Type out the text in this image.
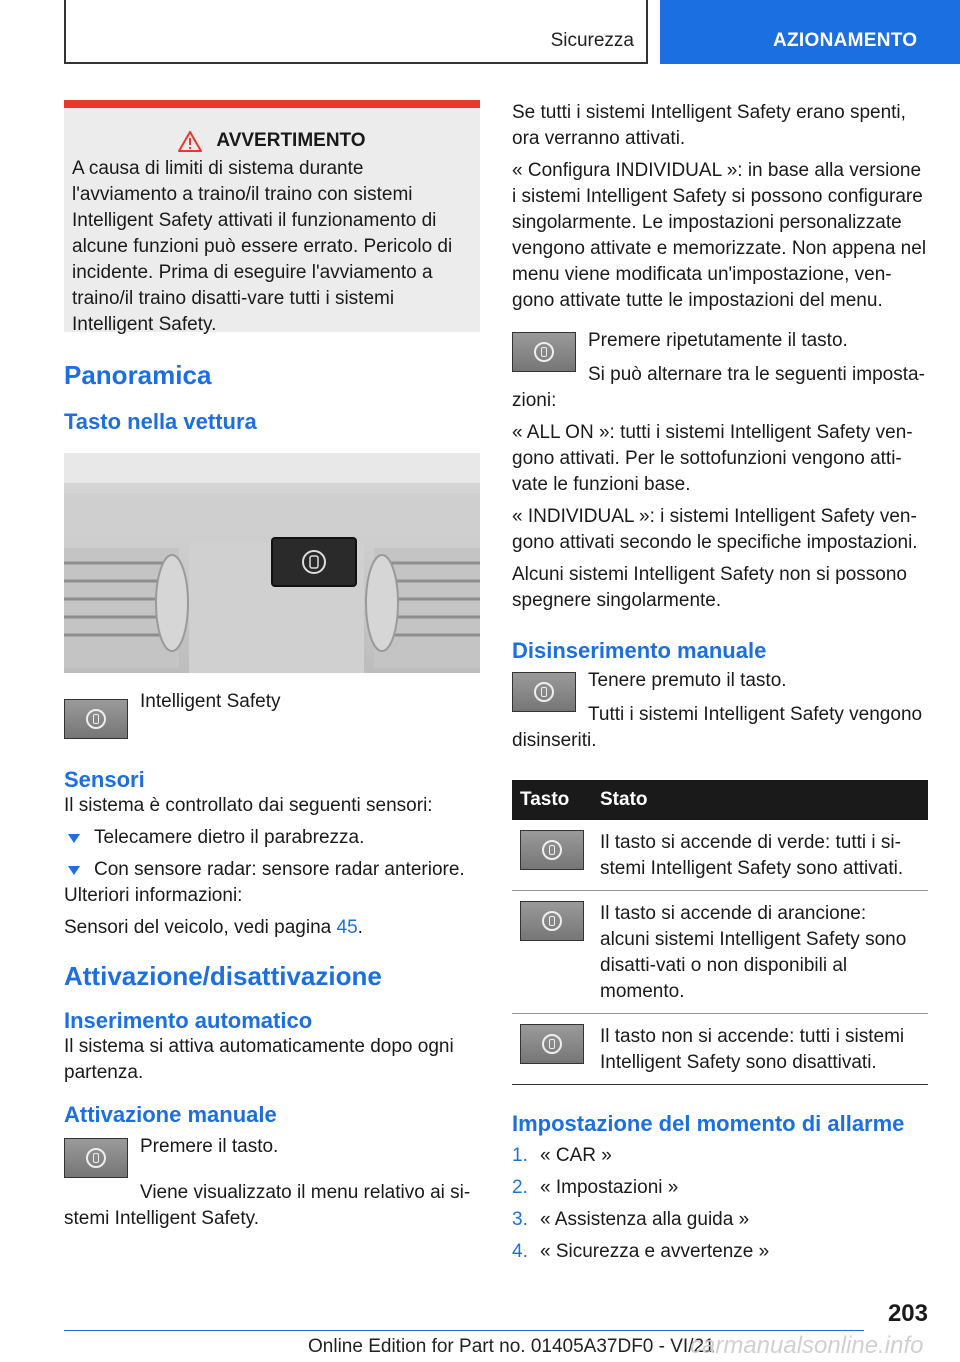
Sicurezza	AZIONAMENTO
AVVERTIMENTO

A causa di limiti di sistema durante l'avviamento a traino/il traino con sistemi Intelligent Safety attivati il funzionamento di alcune funzioni può essere errato. Pericolo di incidente. Prima di eseguire l'avviamento a traino/il traino disatti-vare tutti i sistemi Intelligent Safety.

Panoramica
Tasto nella vettura

Intelligent Safety

Sensori

Il sistema è controllato dai seguenti sensori:

Telecamere dietro il parabrezza.
Con sensore radar: sensore radar anteriore.

Ulteriori informazioni:

Sensori del veicolo, vedi pagina 45.

Attivazione/disattivazione
Inserimento automatico

Il sistema si attiva automaticamente dopo ogni partenza.

Attivazione manuale

Premere il tasto.

Viene visualizzato il menu relativo ai si-stemi Intelligent Safety.

Se tutti i sistemi Intelligent Safety erano spenti, ora verranno attivati.

« Configura INDIVIDUAL »: in base alla versione i sistemi Intelligent Safety si possono configurare singolarmente. Le impostazioni personalizzate vengono attivate e memorizzate. Non appena nel menu viene modificata un'impostazione, ven-gono attivate tutte le impostazioni del menu.

Premere ripetutamente il tasto.

Si può alternare tra le seguenti imposta-zioni:

« ALL ON »: tutti i sistemi Intelligent Safety ven-gono attivati. Per le sottofunzioni vengono atti-vate le funzioni base.

« INDIVIDUAL »: i sistemi Intelligent Safety ven-gono attivati secondo le specifiche impostazioni.

Alcuni sistemi Intelligent Safety non si possono spegnere singolarmente.

Disinserimento manuale

Tenere premuto il tasto.

Tutti i sistemi Intelligent Safety vengono disinseriti.

Tasto	Stato

	Il tasto si accende di verde: tutti i si-stemi Intelligent Safety sono attivati.

	Il tasto si accende di arancione: alcuni sistemi Intelligent Safety sono disatti-vati o non disponibili al momento.

	Il tasto non si accende: tutti i sistemi Intelligent Safety sono disattivati.
Impostazione del momento di allarme
1. « CAR »
2. « Impostazioni »
3. « Assistenza alla guida »
4. « Sicurezza e avvertenze »
203
Online Edition for Part no. 01405A37DF0 - VI/21
carmanualsonline.info
